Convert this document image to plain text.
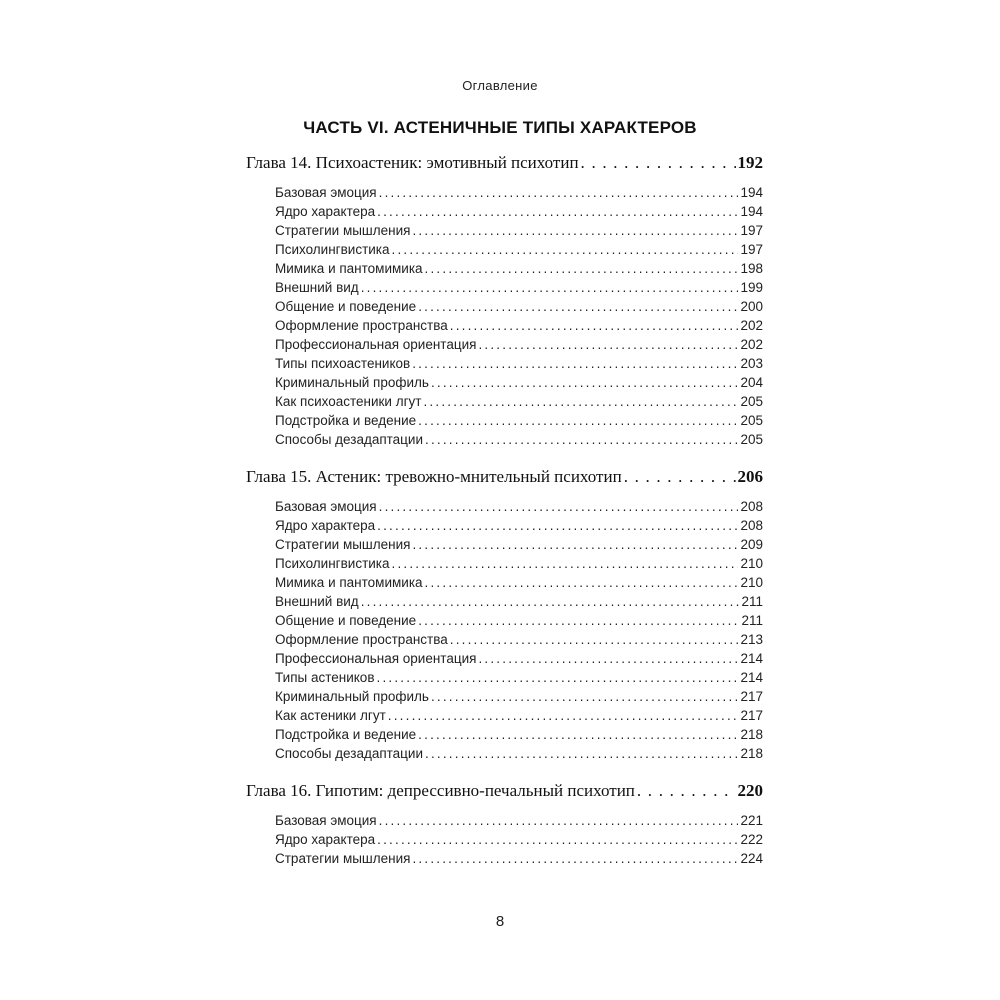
Оглавление
ЧАСТЬ VI. АСТЕНИЧНЫЕ ТИПЫ ХАРАКТЕРОВ
Глава 14. Психоастеник: эмотивный психотип . . .	192
Базовая эмоция .....	194
Ядро характера .....	194
Стратегии мышления .....	197
Психолингвистика .....	197
Мимика и пантомимика .....	198
Внешний вид .....	199
Общение и поведение .....	200
Оформление пространства .....	202
Профессиональная ориентация .....	202
Типы психоастеников .....	203
Криминальный профиль .....	204
Как психоастеники лгут .....	205
Подстройка и ведение .....	205
Способы дезадаптации .....	205
Глава 15. Астеник: тревожно-мнительный психотип . . .	206
Базовая эмоция .....	208
Ядро характера .....	208
Стратегии мышления .....	209
Психолингвистика .....	210
Мимика и пантомимика .....	210
Внешний вид .....	211
Общение и поведение .....	211
Оформление пространства .....	213
Профессиональная ориентация .....	214
Типы астеников .....	214
Криминальный профиль .....	217
Как астеники лгут .....	217
Подстройка и ведение .....	218
Способы дезадаптации .....	218
Глава 16. Гипотим: депрессивно-печальный психотип . . .	220
Базовая эмоция .....	221
Ядро характера .....	222
Стратегии мышления .....	224
8
